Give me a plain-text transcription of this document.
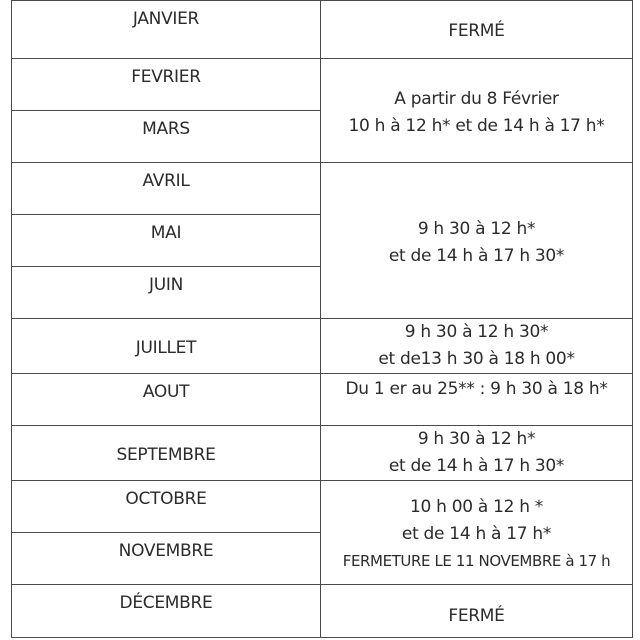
JANVIER	FERMÉ

FEVRIER	A partir du 8 Février
10 h à 12 h* et de 14 h à 17 h*

MARS	
AVRIL	9 h 30 à 12 h*
et de 14 h à 17 h 30*

MAI	
JUIN	
JUILLET	9 h 30 à 12 h 30*
et de13 h 30 à 18 h 00*

AOUT	Du 1 er au 25** : 9 h 30 à 18 h*

SEPTEMBRE	9 h 30 à 12 h*
et de 14 h à 17 h 30*

OCTOBRE	10 h 00 à 12 h *
et de 14 h à 17 h*
FERMETURE LE 11 NOVEMBRE à 17 h

NOVEMBRE	
DÉCEMBRE	FERMÉ
